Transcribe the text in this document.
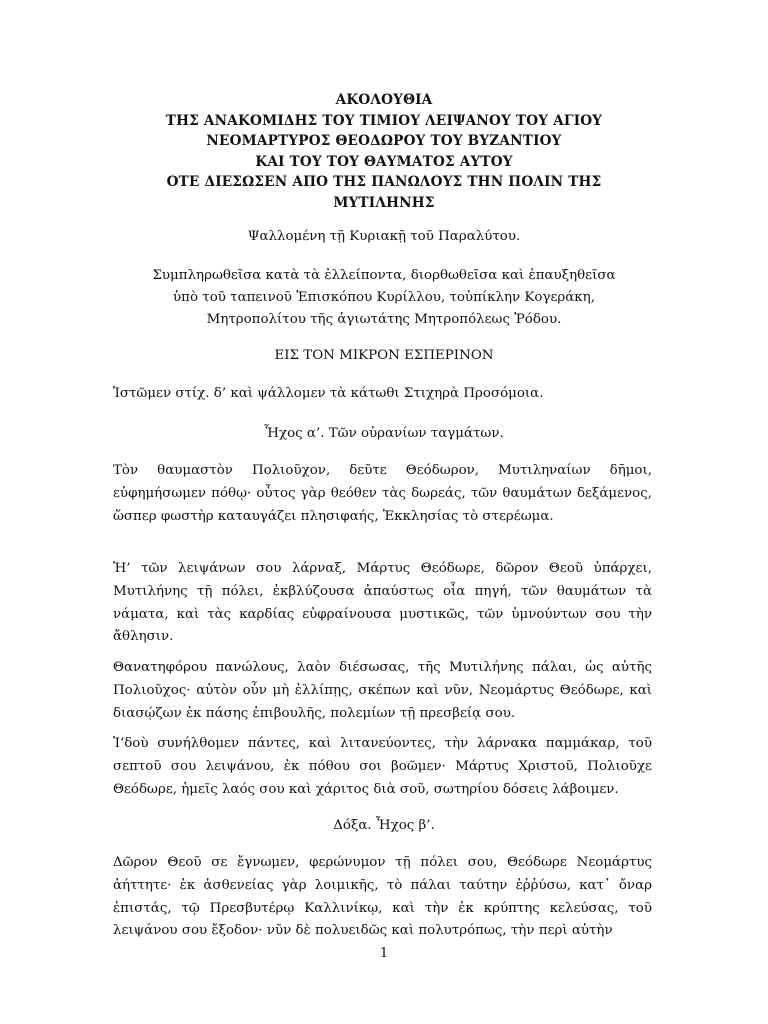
ΑΚΟΛΟΥΘΙΑ
ΤΗΣ ΑΝΑΚΟΜΙΔΗΣ ΤΟΥ ΤΙΜΙΟΥ ΛΕΙΨΑΝΟΥ ΤΟΥ ΑΓΙΟΥ
ΝΕΟΜΑΡΤΥΡΟΣ ΘΕΟΔΩΡΟΥ ΤΟΥ ΒΥΖΑΝΤΙΟΥ
ΚΑΙ ΤΟΥ ΤΟΥ ΘΑΥΜΑΤΟΣ ΑΥΤΟΥ
ΟΤΕ ΔΙΕΣΩΣΕΝ ΑΠΟ ΤΗΣ ΠΑΝΩΛΟΥΣ ΤΗΝ ΠΟΛΙΝ ΤΗΣ
ΜΥΤΙΛΗΝΗΣ
Ψαλλομένη τῇ Κυριακῇ τοῦ Παραλύτου.
Συμπληρωθεῖσα κατὰ τὰ ἐλλείποντα, διορθωθεῖσα καὶ ἐπαυξηθεῖσα
ὑπὸ τοῦ ταπεινοῦ Ἐπισκόπου Κυρίλλου, τοὐπίκλην Κογεράκη,
Μητροπολίτου τῆς ἁγιωτάτης Μητροπόλεως Ῥόδου.
ΕΙΣ ΤΟΝ ΜΙΚΡΟΝ ΕΣΠΕΡΙΝΟΝ
Ἱστῶμεν στίχ. δ’ καὶ ψάλλομεν τὰ κάτωθι Στιχηρὰ Προσόμοια.
Ἦχος α’. Τῶν οὐρανίων ταγμάτων.
Τὸν θαυμαστὸν Πολιοῦχον, δεῦτε Θεόδωρον, Μυτιληναίων δῆμοι, εὐφημήσωμεν πόθῳ· οὗτος γὰρ θεόθεν τὰς δωρεάς, τῶν θαυμάτων δεξάμενος, ὥσπερ φωστὴρ καταυγάζει πλησιφαής, Ἐκκλησίας τὸ στερέωμα.
Ἡ’ τῶν λειψάνων σου λάρναξ, Μάρτυς Θεόδωρε, δῶρον Θεοῦ ὑπάρχει, Μυτιλήνης τῇ πόλει, ἐκβλύζουσα ἀπαύστως οἷα πηγή, τῶν θαυμάτων τὰ νάματα, καὶ τὰς καρδίας εὐφραίνουσα μυστικῶς, τῶν ὑμνούντων σου τὴν ἄθλησιν.
Θανατηφόρου πανώλους, λαὸν διέσωσας, τῆς Μυτιλήνης πάλαι, ὡς αὐτῆς Πολιοῦχος· αὐτὸν οὖν μὴ ἐλλίπῃς, σκέπων καὶ νῦν, Νεομάρτυς Θεόδωρε, καὶ διασῴζων ἐκ πάσης ἐπιβουλῆς, πολεμίων τῇ πρεσβείᾳ σου.
Ἰ’δοὺ συνήλθομεν πάντες, καὶ λιτανεύοντες, τὴν λάρνακα παμμάκαρ, τοῦ σεπτοῦ σου λειψάνου, ἐκ πόθου σοι βοῶμεν· Μάρτυς Χριστοῦ, Πολιοῦχε Θεόδωρε, ἡμεῖς λαός σου καὶ χάριτος διὰ σοῦ, σωτηρίου δόσεις λάβοιμεν.
Δόξα. Ἦχος β’.
Δῶρον Θεοῦ σε ἔγνωμεν, φερώνυμον τῇ πόλει σου, Θεόδωρε Νεομάρτυς ἀήττητε· ἐκ ἀσθενείας γὰρ λοιμικῆς, τὸ πάλαι ταύτην ἐῤῥύσω, κατ᾿ ὄναρ ἐπιστάς, τῷ Πρεσβυτέρῳ Καλλινίκῳ, καὶ τὴν ἐκ κρύπτης κελεύσας, τοῦ λειψάνου σου ἔξοδον· νῦν δὲ πολυειδῶς καὶ πολυτρόπως, τὴν περὶ αὐτὴν
1
